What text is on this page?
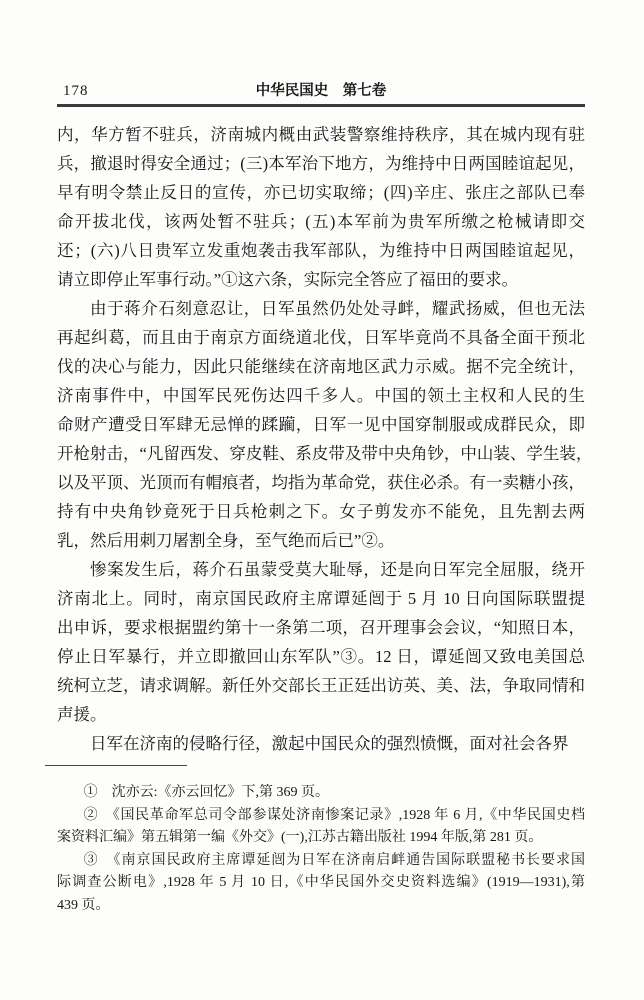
178	中华民国史　第七卷
内，华方暂不驻兵，济南城内概由武装警察维持秩序，其在城内现有驻
兵，撤退时得安全通过；(三)本军治下地方，为维持中日两国睦谊起见，
早有明令禁止反日的宣传，亦已切实取缔；(四)辛庄、张庄之部队已奉
命开拔北伐，该两处暂不驻兵；(五)本军前为贵军所缴之枪械请即交
还；(六)八日贵军立发重炮袭击我军部队，为维持中日两国睦谊起见，
请立即停止军事行动。”①这六条，实际完全答应了福田的要求。
由于蒋介石刻意忍让，日军虽然仍处处寻衅，耀武扬威，但也无法
再起纠葛，而且由于南京方面绕道北伐，日军毕竟尚不具备全面干预北
伐的决心与能力，因此只能继续在济南地区武力示威。据不完全统计，
济南事件中，中国军民死伤达四千多人。中国的领土主权和人民的生
命财产遭受日军肆无忌惮的蹂躏，日军一见中国穿制服或成群民众，即
开枪射击，“凡留西发、穿皮鞋、系皮带及带中央角钞，中山装、学生装，
以及平顶、光顶而有帽痕者，均指为革命党，获住必杀。有一卖糖小孩，
持有中央角钞竟死于日兵枪刺之下。女子剪发亦不能免，且先割去两
乳，然后用刺刀屠割全身，至气绝而后已”②。
惨案发生后，蒋介石虽蒙受莫大耻辱，还是向日军完全屈服，绕开
济南北上。同时，南京国民政府主席谭延闿于 5 月 10 日向国际联盟提
出申诉，要求根据盟约第十一条第二项，召开理事会会议，“知照日本，
停止日军暴行，并立即撤回山东军队”③。12 日，谭延闿又致电美国总
统柯立芝，请求调解。新任外交部长王正廷出访英、美、法，争取同情和
声援。
日军在济南的侵略行径，激起中国民众的强烈愤慨，面对社会各界
①　沈亦云:《亦云回忆》下,第 369 页。
②　《国民革命军总司令部参谋处济南惨案记录》,1928 年 6 月,《中华民国史档
案资料汇编》第五辑第一编《外交》(一),江苏古籍出版社 1994 年版,第 281 页。
③　《南京国民政府主席谭延闿为日军在济南启衅通告国际联盟秘书长要求国
际调查公断电》,1928 年 5 月 10 日,《中华民国外交史资料选编》(1919—1931),第
439 页。
